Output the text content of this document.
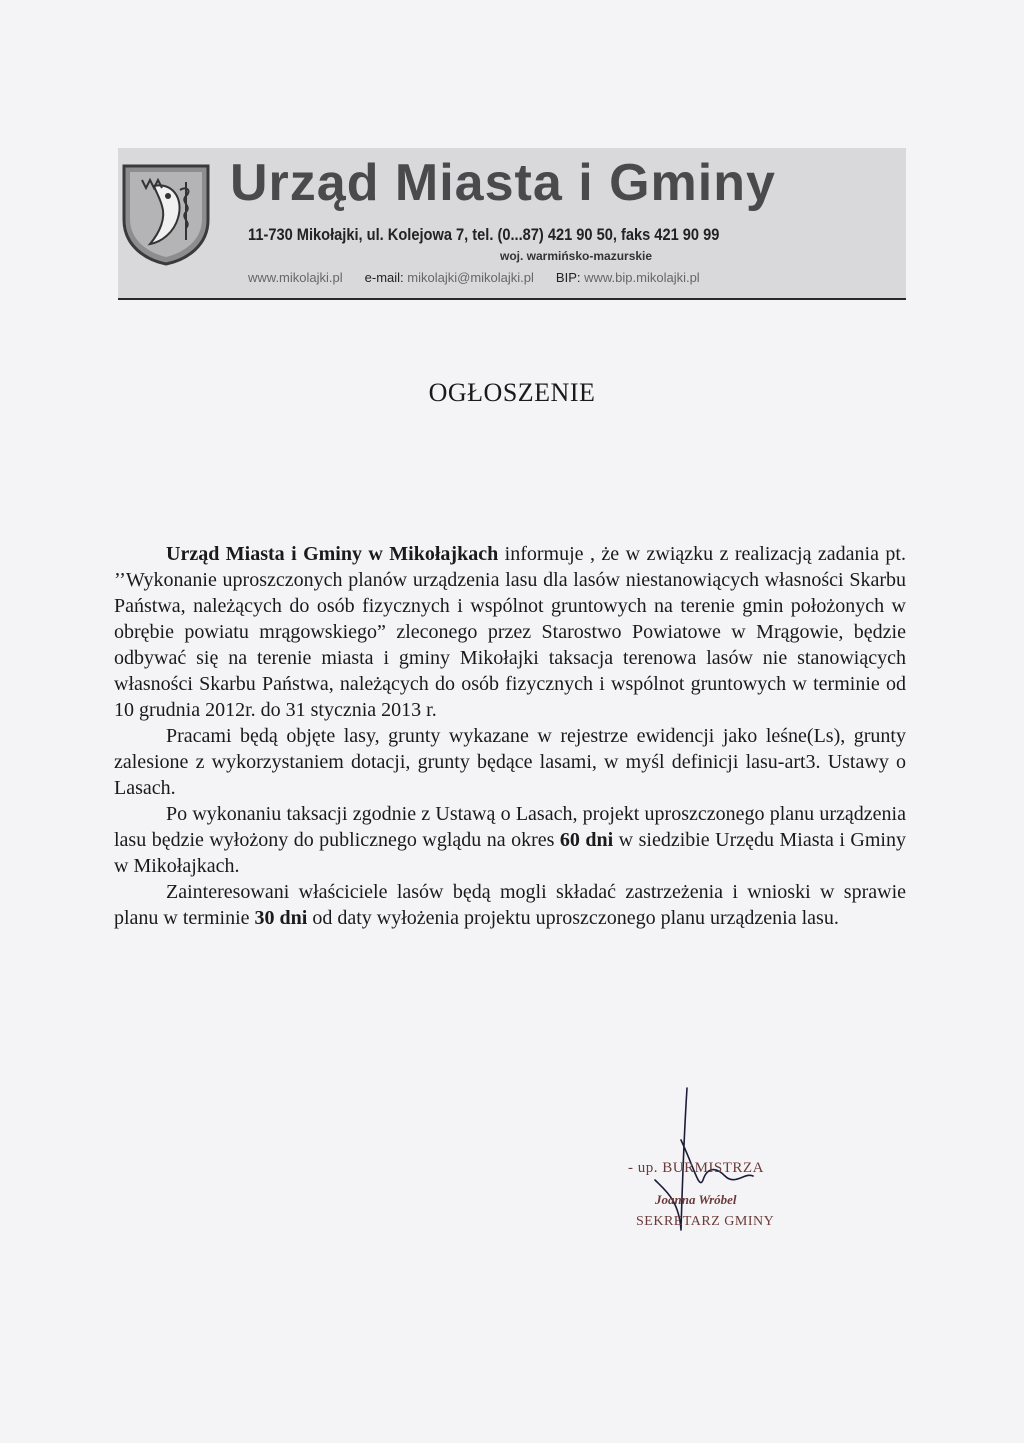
Urząd Miasta i Gminy
11-730 Mikołajki, ul. Kolejowa 7, tel. (0...87) 421 90 50, faks 421 90 99
woj. warmińsko-mazurskie
www.mikolajki.pl e-mail: mikolajki@mikolajki.pl BIP: www.bip.mikolajki.pl
OGŁOSZENIE

Urząd Miasta i Gminy w Mikołajkach informuje , że w związku z realizacją zadania pt. ’’Wykonanie uproszczonych planów urządzenia lasu dla lasów niestanowiących własności Skarbu Państwa, należących do osób fizycznych i wspólnot gruntowych na terenie gmin położonych w obrębie powiatu mrągowskiego” zleconego przez Starostwo Powiatowe w Mrągowie, będzie odbywać się na terenie miasta i gminy Mikołajki taksacja terenowa lasów nie stanowiących własności Skarbu Państwa, należących do osób fizycznych i wspólnot gruntowych w terminie od 10 grudnia 2012r. do 31 stycznia 2013 r.

Pracami będą objęte lasy, grunty wykazane w rejestrze ewidencji jako leśne(Ls), grunty zalesione z wykorzystaniem dotacji, grunty będące lasami, w myśl definicji lasu-art3. Ustawy o Lasach.

Po wykonaniu taksacji zgodnie z Ustawą o Lasach, projekt uproszczonego planu urządzenia lasu będzie wyłożony do publicznego wglądu na okres 60 dni w siedzibie Urzędu Miasta i Gminy w Mikołajkach.

Zainteresowani właściciele lasów będą mogli składać zastrzeżenia i wnioski w sprawie planu w terminie 30 dni od daty wyłożenia projektu uproszczonego planu urządzenia lasu.

- up. BURMISTRZA
Joanna Wróbel
SEKRETARZ GMINY
